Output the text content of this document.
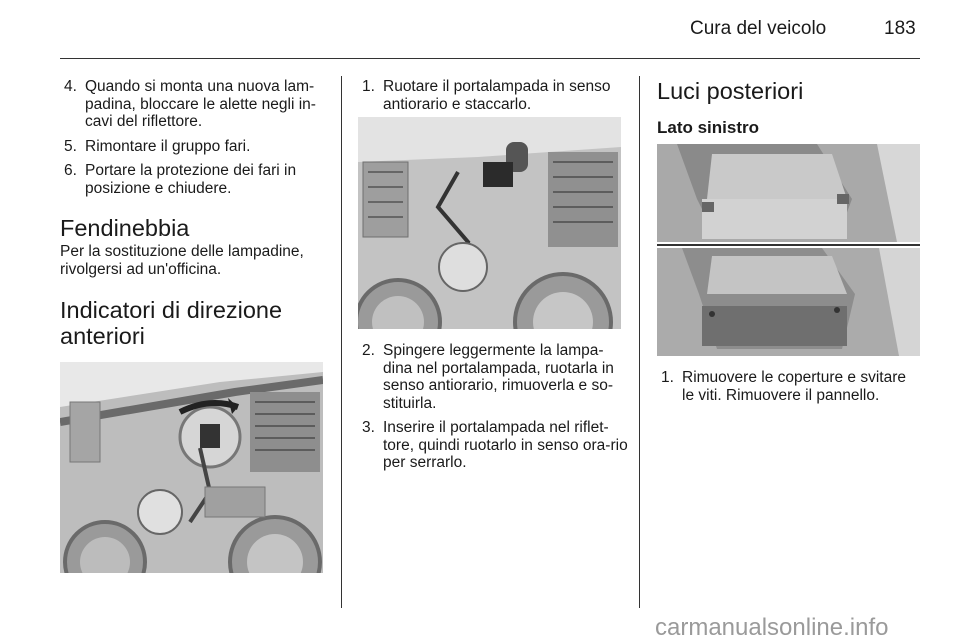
Cura del veicolo	183
4. Quando si monta una nuova lam-padina, bloccare le alette negli in-cavi del riflettore.
5. Rimontare il gruppo fari.
6. Portare la protezione dei fari in posizione e chiudere.
Fendinebbia

Per la sostituzione delle lampadine, rivolgersi ad un'officina.

Indicatori di direzione anteriori
1. Ruotare il portalampada in senso antiorario e staccarlo.
2. Spingere leggermente la lampa-dina nel portalampada, ruotarla in senso antiorario, rimuoverla e so-stituirla.
3. Inserire il portalampada nel riflet-tore, quindi ruotarlo in senso ora-rio per serrarlo.
Luci posteriori
Lato sinistro
1. Rimuovere le coperture e svitare le viti. Rimuovere il pannello.
carmanualsonline.info
